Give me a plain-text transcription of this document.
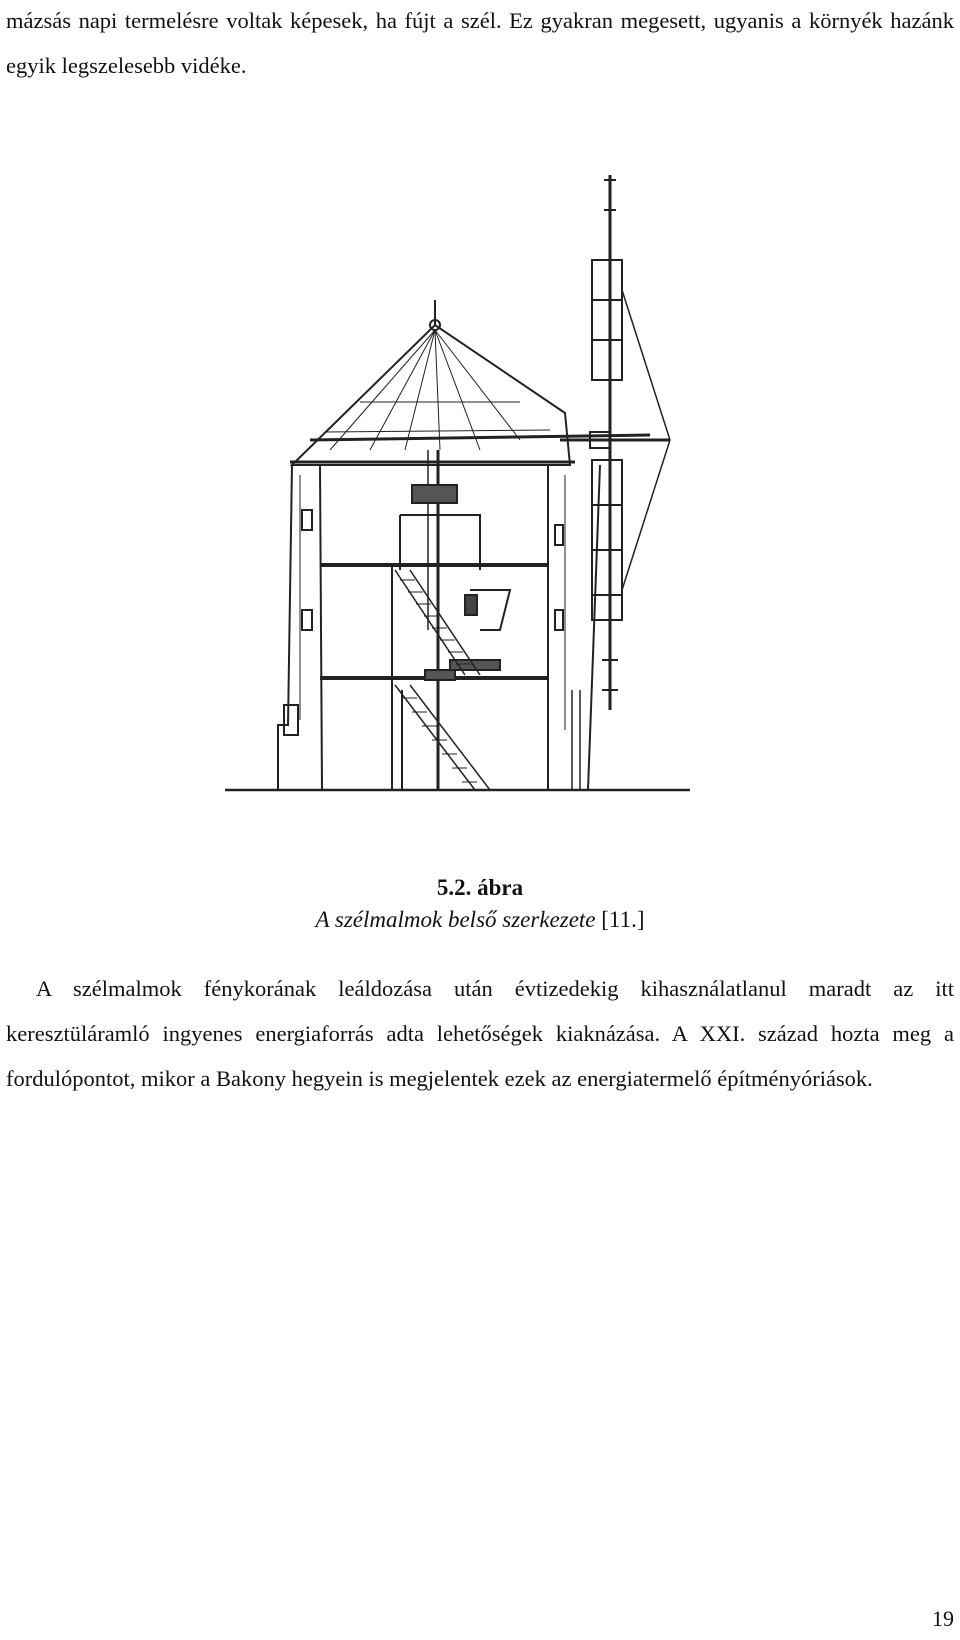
mázsás napi termelésre voltak képesek, ha fújt a szél. Ez gyakran megesett, ugyanis a környék hazánk egyik legszelesebb vidéke.

5.2. ábra
A szélmalmok belső szerkezete [11.]

A szélmalmok fénykorának leáldozása után évtizedekig kihasználatlanul maradt az itt keresztüláramló ingyenes energiaforrás adta lehetőségek kiaknázása. A XXI. század hozta meg a fordulópontot, mikor a Bakony hegyein is megjelentek ezek az energiatermelő építményóriások.

19
